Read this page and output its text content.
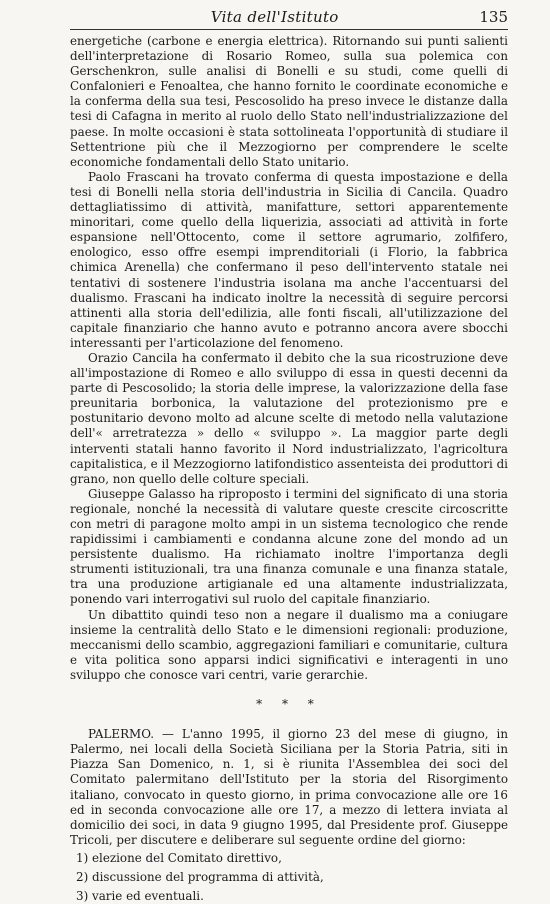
Vita dell'Istituto	135

energetiche (carbone e energia elettrica). Ritornando sui punti salienti dell'interpretazione di Rosario Romeo, sulla sua polemica con Gerschenkron, sulle analisi di Bonelli e su studi, come quelli di Confalonieri e Fenoaltea, che hanno fornito le coordinate economiche e la conferma della sua tesi, Pescosolido ha preso invece le distanze dalla tesi di Cafagna in merito al ruolo dello Stato nell'industrializzazione del paese. In molte occasioni è stata sottolineata l'opportunità di studiare il Settentrione più che il Mezzogiorno per comprendere le scelte economiche fondamentali dello Stato unitario.

Paolo Frascani ha trovato conferma di questa impostazione e della tesi di Bonelli nella storia dell'industria in Sicilia di Cancila. Quadro dettagliatissimo di attività, manifatture, settori apparentemente minoritari, come quello della liquerizia, associati ad attività in forte espansione nell'Ottocento, come il settore agrumario, zolfifero, enologico, esso offre esempi imprenditoriali (i Florio, la fabbrica chimica Arenella) che confermano il peso dell'intervento statale nei tentativi di sostenere l'industria isolana ma anche l'accentuarsi del dualismo. Frascani ha indicato inoltre la necessità di seguire percorsi attinenti alla storia dell'edilizia, alle fonti fiscali, all'utilizzazione del capitale finanziario che hanno avuto e potranno ancora avere sbocchi interessanti per l'articolazione del fenomeno.

Orazio Cancila ha confermato il debito che la sua ricostruzione deve all'impostazione di Romeo e allo sviluppo di essa in questi decenni da parte di Pescosolido; la storia delle imprese, la valorizzazione della fase preunitaria borbonica, la valutazione del protezionismo pre e postunitario devono molto ad alcune scelte di metodo nella valutazione dell'« arretratezza » dello « sviluppo ». La maggior parte degli interventi statali hanno favorito il Nord industrializzato, l'agricoltura capitalistica, e il Mezzogiorno latifondistico assenteista dei produttori di grano, non quello delle colture speciali.

Giuseppe Galasso ha riproposto i termini del significato di una storia regionale, nonché la necessità di valutare queste crescite circoscritte con metri di paragone molto ampi in un sistema tecnologico che rende rapidissimi i cambiamenti e condanna alcune zone del mondo ad un persistente dualismo. Ha richiamato inoltre l'importanza degli strumenti istituzionali, tra una finanza comunale e una finanza statale, tra una produzione artigianale ed una altamente industrializzata, ponendo vari interrogativi sul ruolo del capitale finanziario.

Un dibattito quindi teso non a negare il dualismo ma a coniugare insieme la centralità dello Stato e le dimensioni regionali: produzione, meccanismi dello scambio, aggregazioni familiari e comunitarie, cultura e vita politica sono apparsi indici significativi e interagenti in uno sviluppo che conosce vari centri, varie gerarchie.

* * *

PALERMO. — L'anno 1995, il giorno 23 del mese di giugno, in Palermo, nei locali della Società Siciliana per la Storia Patria, siti in Piazza San Domenico, n. 1, si è riunita l'Assemblea dei soci del Comitato palermitano dell'Istituto per la storia del Risorgimento italiano, convocato in questo giorno, in prima convocazione alle ore 16 ed in seconda convocazione alle ore 17, a mezzo di lettera inviata al domicilio dei soci, in data 9 giugno 1995, dal Presidente prof. Giuseppe Tricoli, per discutere e deliberare sul seguente ordine del giorno:

1) elezione del Comitato direttivo,
2) discussione del programma di attività,
3) varie ed eventuali.
